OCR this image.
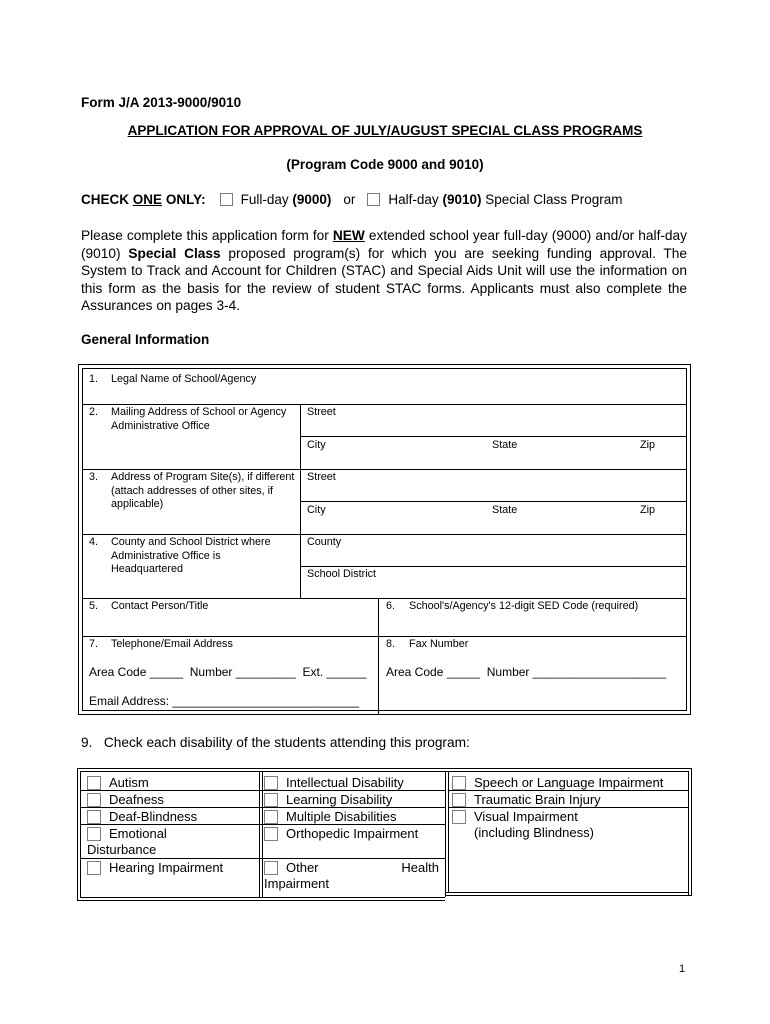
Form J/A 2013-9000/9010
APPLICATION FOR APPROVAL OF JULY/AUGUST SPECIAL CLASS PROGRAMS
(Program Code 9000 and 9010)
CHECK
ONE
ONLY:	Full-day
(9000) or Half-day
(9010)
Special Class Program
Please complete this application form for NEW extended school year full-day (9000) and/or half-day (9010) Special Class proposed program(s) for which you are seeking funding approval. The System to Track and Account for Children (STAC) and Special Aids Unit will use the information on this form as the basis for the review of student STAC forms. Applicants must also complete the Assurances on pages 3-4.
General Information
1.	Legal Name of School/Agency
2.	Mailing Address of School or Agency Administrative Office
Street
City	State	Zip
3.	Address of Program Site(s), if different (attach addresses of other sites, if applicable)
Street
City	State	Zip
4.	County and School District where Administrative Office is Headquartered
County
School District
5.	Contact Person/Title	6.	School's/Agency's 12-digit SED Code (required)
7.	Telephone/Email Address
Area Code _____  Number _________  Ext. ______
Email Address: ____________________________
8.	Fax Number
Area Code _____  Number ____________________
9. Check each disability of the students attending this program:
Autism
Deafness
Deaf-Blindness
Emotional
Disturbance
Hearing Impairment
Intellectual Disability
Learning Disability
Multiple Disabilities
Orthopedic Impairment
Other	Health
Impairment
Speech or Language Impairment
Traumatic Brain Injury
Visual Impairment
(including Blindness)
1
